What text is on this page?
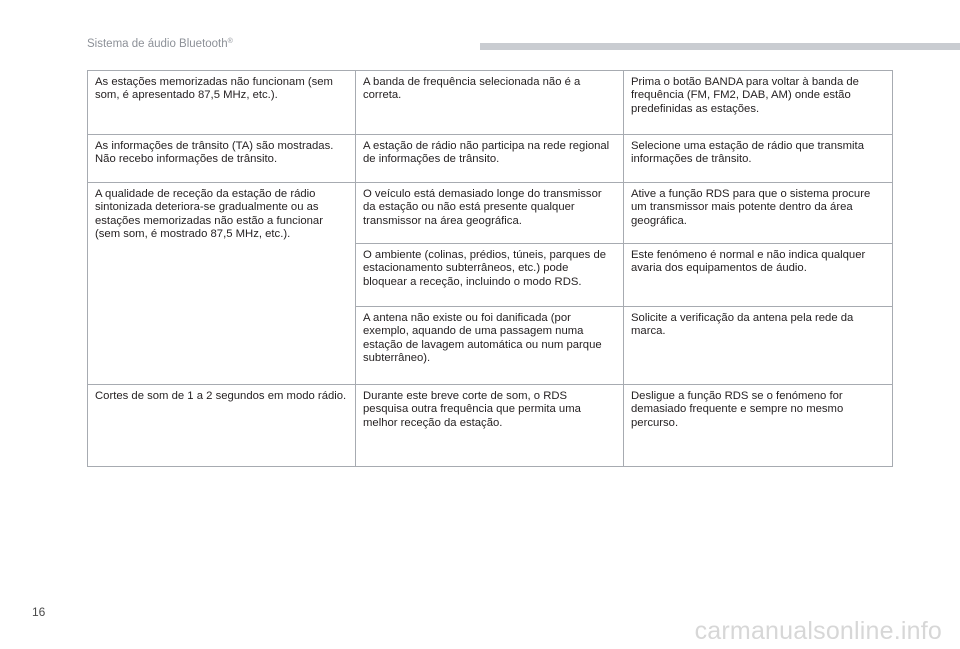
Sistema de áudio Bluetooth®
As estações memorizadas não funcionam (sem som, é apresentado 87,5 MHz, etc.).	A banda de frequência selecionada não é a correta.	Prima o botão BANDA para voltar à banda de frequência (FM, FM2, DAB, AM) onde estão predefinidas as estações.
As informações de trânsito (TA) são mostradas. Não recebo informações de trânsito.	A estação de rádio não participa na rede regional de informações de trânsito.	Selecione uma estação de rádio que transmita informações de trânsito.
A qualidade de receção da estação de rádio sintonizada deteriora-se gradualmente ou as estações memorizadas não estão a funcionar (sem som, é mostrado 87,5 MHz, etc.).	O veículo está demasiado longe do transmissor da estação ou não está presente qualquer transmissor na área geográfica.	Ative a função RDS para que o sistema procure um transmissor mais potente dentro da área geográfica.
	O ambiente (colinas, prédios, túneis, parques de estacionamento subterrâneos, etc.) pode bloquear a receção, incluindo o modo RDS.	Este fenómeno é normal e não indica qualquer avaria dos equipamentos de áudio.
	A antena não existe ou foi danificada (por exemplo, aquando de uma passagem numa estação de lavagem automática ou num parque subterrâneo).	Solicite a verificação da antena pela rede da marca.
Cortes de som de 1 a 2 segundos em modo rádio.	Durante este breve corte de som, o RDS pesquisa outra frequência que permita uma melhor receção da estação.	Desligue a função RDS se o fenómeno for demasiado frequente e sempre no mesmo percurso.
16
carmanualsonline.info
